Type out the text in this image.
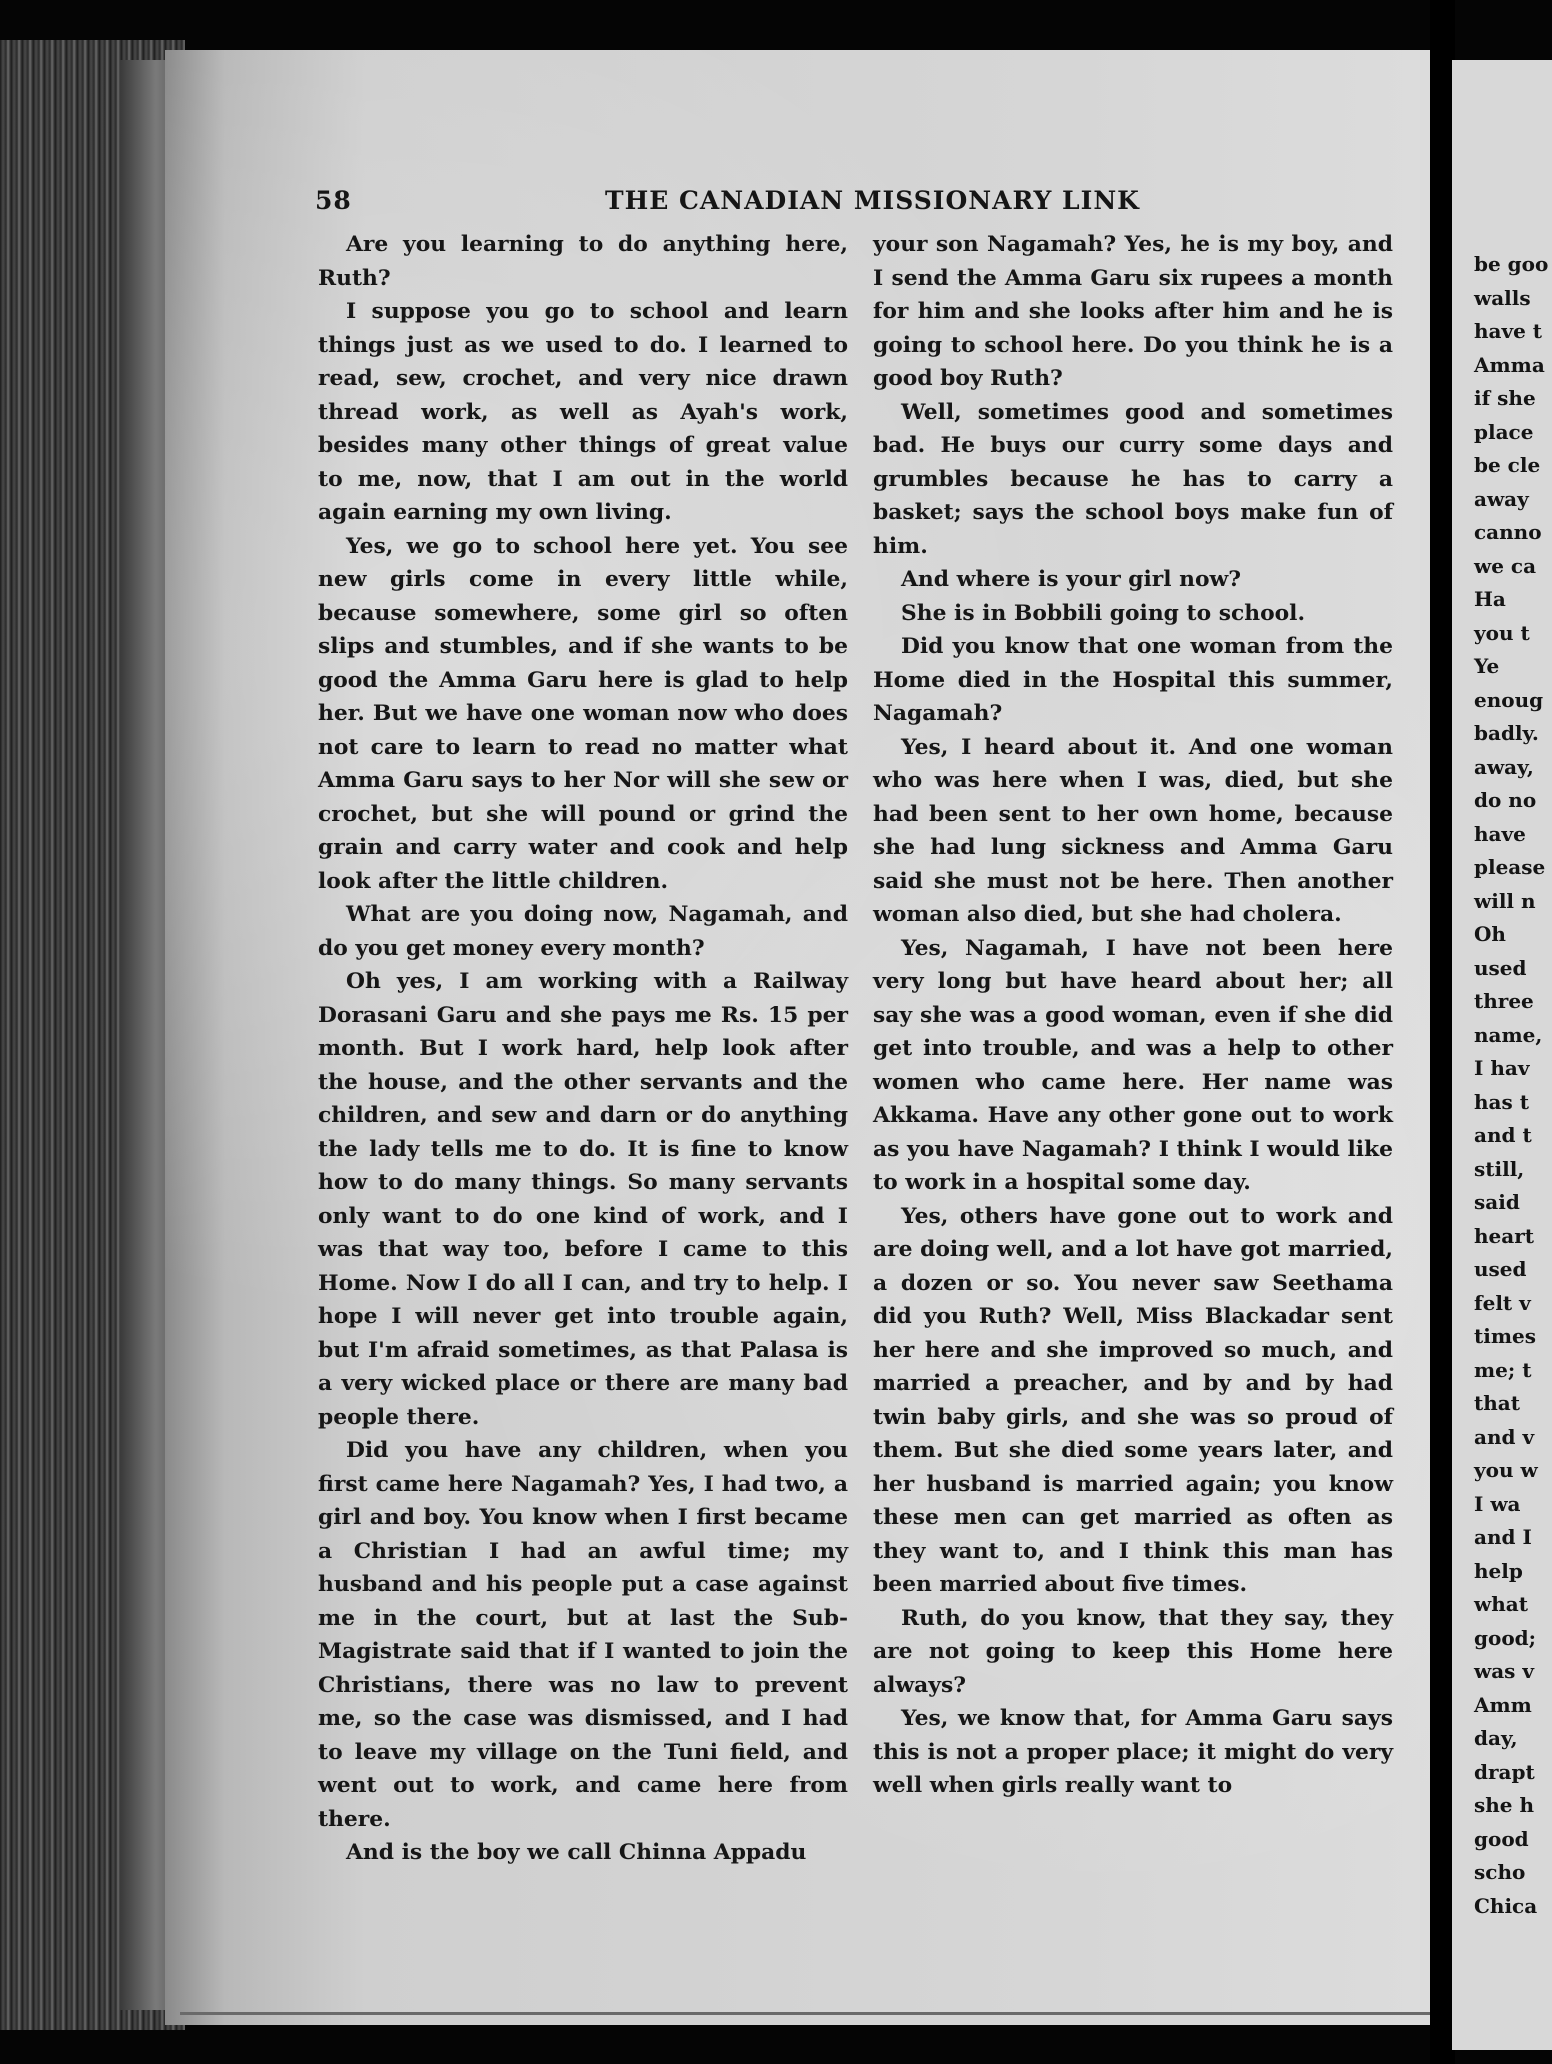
58	THE CANADIAN MISSIONARY LINK

Are you learning to do anything here, Ruth?

I suppose you go to school and learn things just as we used to do. I learned to read, sew, crochet, and very nice drawn thread work, as well as Ayah's work, besides many other things of great value to me, now, that I am out in the world again earning my own living.

Yes, we go to school here yet. You see new girls come in every little while, because somewhere, some girl so often slips and stumbles, and if she wants to be good the Amma Garu here is glad to help her. But we have one woman now who does not care to learn to read no matter what Amma Garu says to her Nor will she sew or crochet, but she will pound or grind the grain and carry water and cook and help look after the little children.

What are you doing now, Nagamah, and do you get money every month?

Oh yes, I am working with a Railway Dorasani Garu and she pays me Rs. 15 per month. But I work hard, help look after the house, and the other servants and the children, and sew and darn or do anything the lady tells me to do. It is fine to know how to do many things. So many servants only want to do one kind of work, and I was that way too, before I came to this Home. Now I do all I can, and try to help. I hope I will never get into trouble again, but I'm afraid sometimes, as that Palasa is a very wicked place or there are many bad people there.

Did you have any children, when you first came here Nagamah? Yes, I had two, a girl and boy. You know when I first became a Christian I had an awful time; my husband and his people put a case against me in the court, but at last the Sub-Magistrate said that if I wanted to join the Christians, there was no law to prevent me, so the case was dismissed, and I had to leave my village on the Tuni field, and went out to work, and came here from there.

And is the boy we call Chinna Appadu

your son Nagamah? Yes, he is my boy, and I send the Amma Garu six rupees a month for him and she looks after him and he is going to school here. Do you think he is a good boy Ruth?

Well, sometimes good and sometimes bad. He buys our curry some days and grumbles because he has to carry a basket; says the school boys make fun of him.

And where is your girl now?

She is in Bobbili going to school.

Did you know that one woman from the Home died in the Hospital this summer, Nagamah?

Yes, I heard about it. And one woman who was here when I was, died, but she had been sent to her own home, because she had lung sickness and Amma Garu said she must not be here. Then another woman also died, but she had cholera.

Yes, Nagamah, I have not been here very long but have heard about her; all say she was a good woman, even if she did get into trouble, and was a help to other women who came here. Her name was Akkama. Have any other gone out to work as you have Nagamah? I think I would like to work in a hospital some day.

Yes, others have gone out to work and are doing well, and a lot have got married, a dozen or so. You never saw Seethama did you Ruth? Well, Miss Blackadar sent her here and she improved so much, and married a preacher, and by and by had twin baby girls, and she was so proud of them. But she died some years later, and her husband is married again; you know these men can get married as often as they want to, and I think this man has been married about five times.

Ruth, do you know, that they say, they are not going to keep this Home here always?

Yes, we know that, for Amma Garu says this is not a proper place; it might do very well when girls really want to

be goo
walls
have t
Amma
if she
place
be cle
away
canno
we ca
Ha
you t
Ye
enoug
badly.
away,
do no
have
please
will n
Oh
used
three
name,
I hav
has t
and t
still,
said
heart
used
felt v
times
me; t
that
and v
you w
I wa
and I
help
what
good;
was v
Amm
day,
drapt
she h
good
scho
Chica
